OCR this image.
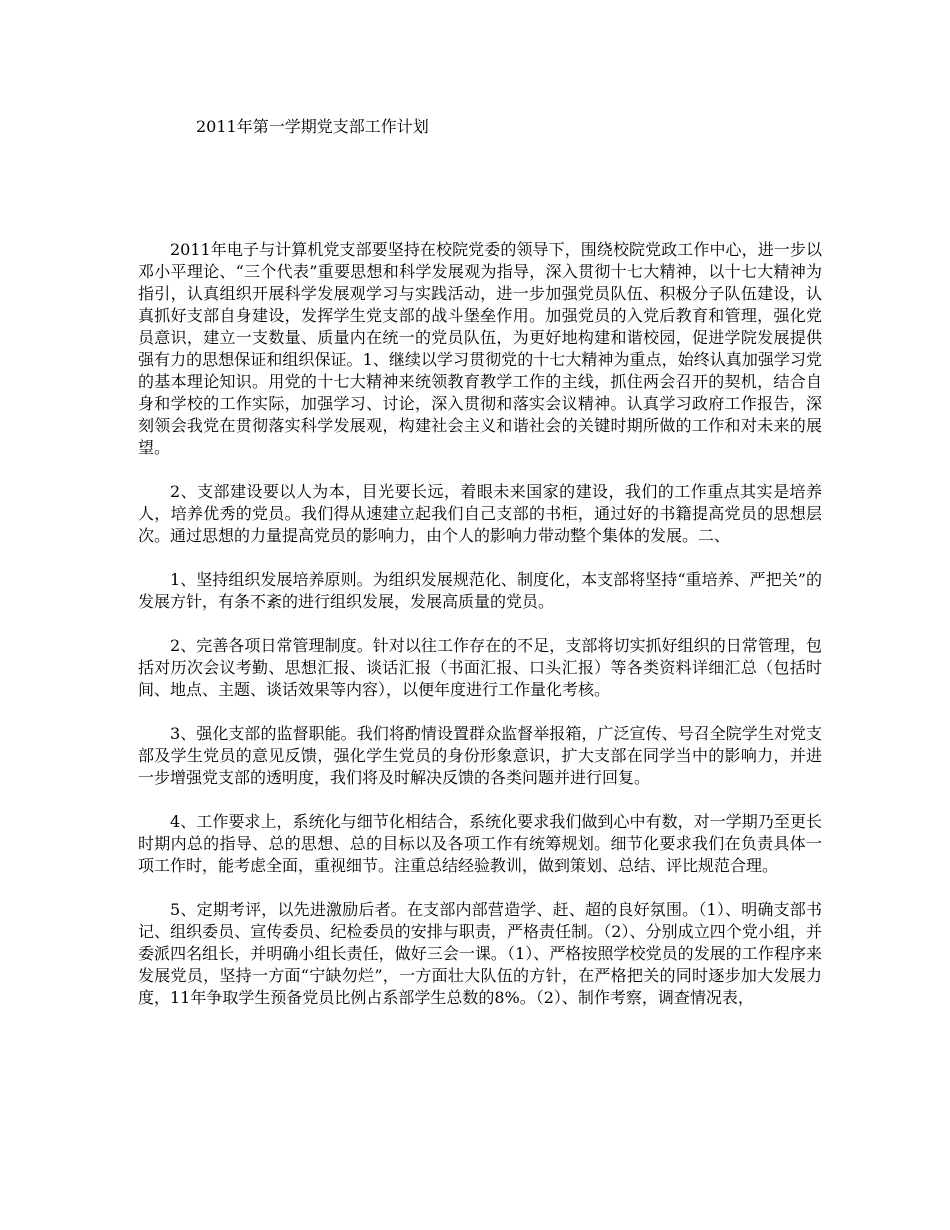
2011年第一学期党支部工作计划

2011年电子与计算机党支部要坚持在校院党委的领导下，围绕校院党政工作中心，进一步以邓小平理论、“三个代表”重要思想和科学发展观为指导，深入贯彻十七大精神，以十七大精神为指引，认真组织开展科学发展观学习与实践活动，进一步加强党员队伍、积极分子队伍建设，认真抓好支部自身建设，发挥学生党支部的战斗堡垒作用。加强党员的入党后教育和管理，强化党员意识，建立一支数量、质量内在统一的党员队伍，为更好地构建和谐校园，促进学院发展提供强有力的思想保证和组织保证。1、继续以学习贯彻党的十七大精神为重点，始终认真加强学习党的基本理论知识。用党的十七大精神来统领教育教学工作的主线，抓住两会召开的契机，结合自身和学校的工作实际，加强学习、讨论，深入贯彻和落实会议精神。认真学习政府工作报告，深刻领会我党在贯彻落实科学发展观，构建社会主义和谐社会的关键时期所做的工作和对未来的展望。

2、支部建设要以人为本，目光要长远，着眼未来国家的建设，我们的工作重点其实是培养人，培养优秀的党员。我们得从速建立起我们自己支部的书柜，通过好的书籍提高党员的思想层次。通过思想的力量提高党员的影响力，由个人的影响力带动整个集体的发展。二、

1、坚持组织发展培养原则。为组织发展规范化、制度化，本支部将坚持“重培养、严把关”的发展方针，有条不紊的进行组织发展，发展高质量的党员。

2、完善各项日常管理制度。针对以往工作存在的不足，支部将切实抓好组织的日常管理，包括对历次会议考勤、思想汇报、谈话汇报（书面汇报、口头汇报）等各类资料详细汇总（包括时间、地点、主题、谈话效果等内容），以便年度进行工作量化考核。

3、强化支部的监督职能。我们将酌情设置群众监督举报箱，广泛宣传、号召全院学生对党支部及学生党员的意见反馈，强化学生党员的身份形象意识，扩大支部在同学当中的影响力，并进一步增强党支部的透明度，我们将及时解决反馈的各类问题并进行回复。

4、工作要求上，系统化与细节化相结合，系统化要求我们做到心中有数，对一学期乃至更长时期内总的指导、总的思想、总的目标以及各项工作有统筹规划。细节化要求我们在负责具体一项工作时，能考虑全面，重视细节。注重总结经验教训，做到策划、总结、评比规范合理。

5、定期考评，以先进激励后者。在支部内部营造学、赶、超的良好氛围。（1）、明确支部书记、组织委员、宣传委员、纪检委员的安排与职责，严格责任制。（2）、分别成立四个党小组，并委派四名组长，并明确小组长责任，做好三会一课。（1）、严格按照学校党员的发展的工作程序来发展党员，坚持一方面“宁缺勿烂”，一方面壮大队伍的方针，在严格把关的同时逐步加大发展力度，11年争取学生预备党员比例占系部学生总数的8%。（2）、制作考察，调查情况表，
